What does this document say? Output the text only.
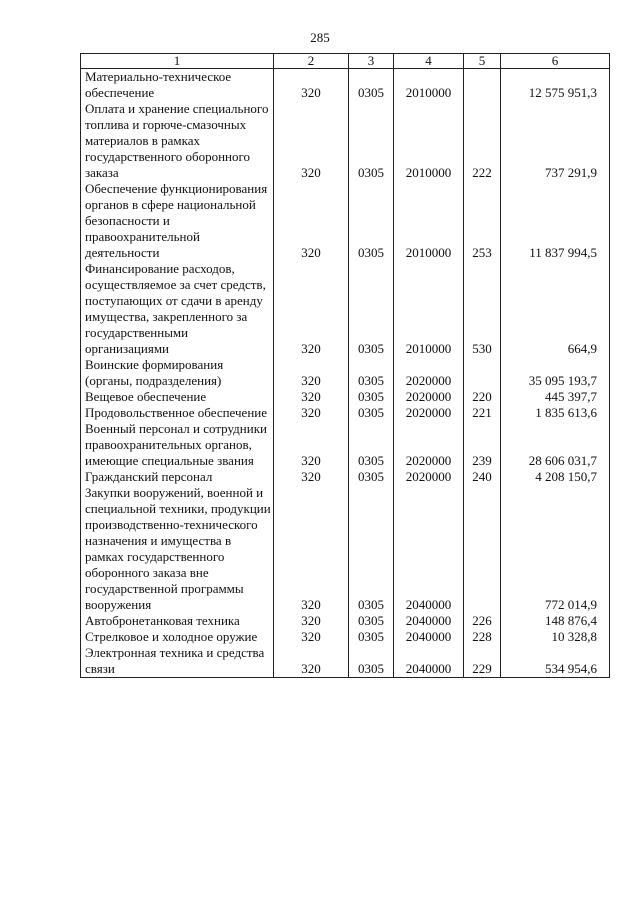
285
1	2	3	4	5	6
Материально-техническое обеспечение	320	0305	2010000		12 575 951,3
Оплата и хранение специального топлива и горюче-смазочных материалов в рамках государственного оборонного заказа	320	0305	2010000	222	737 291,9
Обеспечение функционирования органов в сфере национальной безопасности и правоохранительной деятельности	320	0305	2010000	253	11 837 994,5
Финансирование расходов, осуществляемое за счет средств, поступающих от сдачи в аренду имущества, закрепленного за государственными организациями	320	0305	2010000	530	664,9
Воинские формирования (органы, подразделения)	320	0305	2020000		35 095 193,7
Вещевое обеспечение	320	0305	2020000	220	445 397,7
Продовольственное обеспечение	320	0305	2020000	221	1 835 613,6
Военный персонал и сотрудники правоохранительных органов, имеющие специальные звания	320	0305	2020000	239	28 606 031,7
Гражданский персонал	320	0305	2020000	240	4 208 150,7
Закупки вооружений, военной и специальной техники, продукции производственно-технического назначения и имущества в рамках государственного оборонного заказа вне государственной программы вооружения	320	0305	2040000		772 014,9
Автобронетанковая техника	320	0305	2040000	226	148 876,4
Стрелковое и холодное оружие	320	0305	2040000	228	10 328,8
Электронная техника и средства связи	320	0305	2040000	229	534 954,6
